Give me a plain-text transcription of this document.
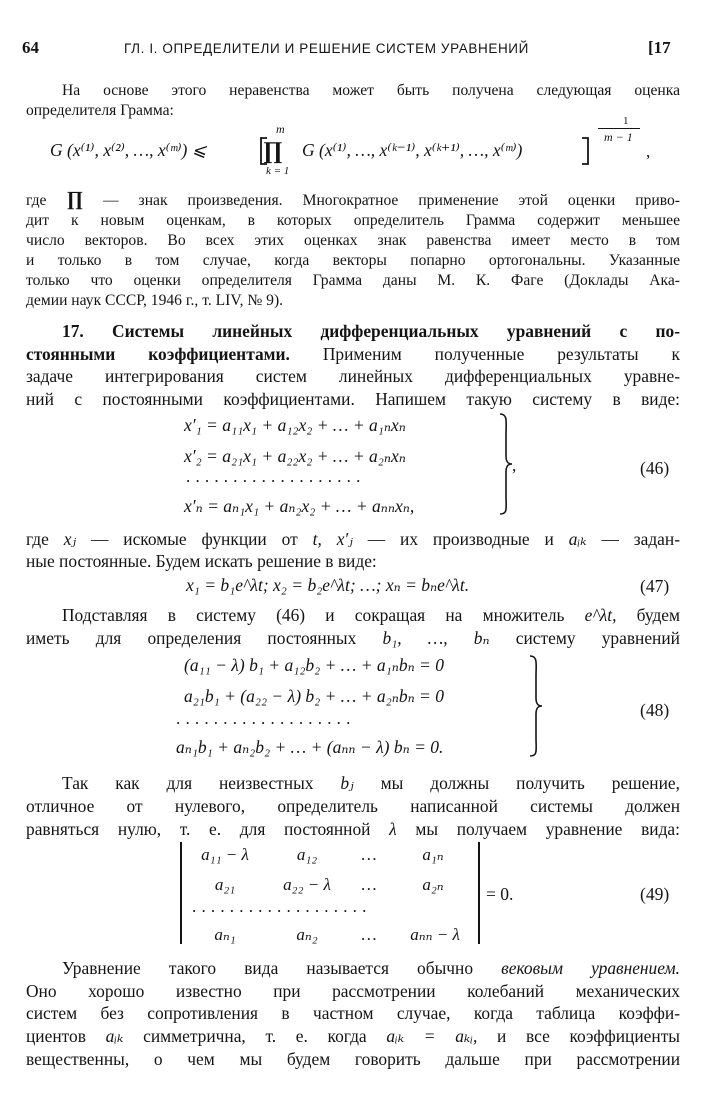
64	ГЛ. I. ОПРЕДЕЛИТЕЛИ И РЕШЕНИЕ СИСТЕМ УРАВНЕНИЙ	[17
На основе этого неравенства может быть получена следующая оценка
определителя Грамма:
G (x⁽¹⁾, x⁽²⁾, …, x⁽ᵐ⁾) ⩽ ∏
m
k = 1
G (x⁽¹⁾, …, x⁽ᵏ⁻¹⁾, x⁽ᵏ⁺¹⁾, …, x⁽ᵐ⁾)
1
m − 1
,
где ∏ — знак произведения. Многократное применение этой оценки приво-
дит к новым оценкам, в которых определитель Грамма содержит меньшее
число векторов. Во всех этих оценках знак равенства имеет место в том
и только в том случае, когда векторы попарно ортогональны. Указанные
только что оценки определителя Грамма даны М. К. Фаге (Доклады Ака-
демии наук СССР, 1946 г., т. LIV, № 9).
17. Системы линейных дифференциальных уравнений с по-
стоянными коэффициентами. Применим полученные результаты к
задаче интегрирования систем линейных дифференциальных уравне-
ний с постоянными коэффициентами. Напишем такую систему в виде:
x′₁ = a₁₁x₁ + a₁₂x₂ + … + a₁ₙxₙ
x′₂ = a₂₁x₁ + a₂₂x₂ + … + a₂ₙxₙ
...................
x′ₙ = aₙ₁x₁ + aₙ₂x₂ + … + aₙₙxₙ,
,	(46)
где xⱼ — искомые функции от t, x′ⱼ — их производные и aᵢₖ — задан-
ные постоянные. Будем искать решение в виде:
x₁ = b₁e^λt; x₂ = b₂e^λt; …; xₙ = bₙe^λt.	(47)
Подставляя в систему (46) и сокращая на множитель e^λt, будем
иметь для определения постоянных b₁, …, bₙ систему уравнений
(a₁₁ − λ) b₁ + a₁₂b₂ + … + a₁ₙbₙ = 0
a₂₁b₁ + (a₂₂ − λ) b₂ + … + a₂ₙbₙ = 0
...................
aₙ₁b₁ + aₙ₂b₂ + … + (aₙₙ − λ) bₙ = 0.
(48)
Так как для неизвестных bⱼ мы должны получить решение,
отличное от нулевого, определитель написанной системы должен
равняться нулю, т. е. для постоянной λ мы получаем уравнение вида:
a₁₁ − λ	a₁₂	…	a₁ₙ
a₂₁	a₂₂ − λ	…	a₂ₙ
...................
aₙ₁	aₙ₂	…	aₙₙ − λ
= 0.	(49)
Уравнение такого вида называется обычно вековым уравнением.
Оно хорошо известно при рассмотрении колебаний механических
систем без сопротивления в частном случае, когда таблица коэффи-
циентов aᵢₖ симметрична, т. е. когда aᵢₖ = aₖᵢ, и все коэффициенты
вещественны, о чем мы будем говорить дальше при рассмотрении
